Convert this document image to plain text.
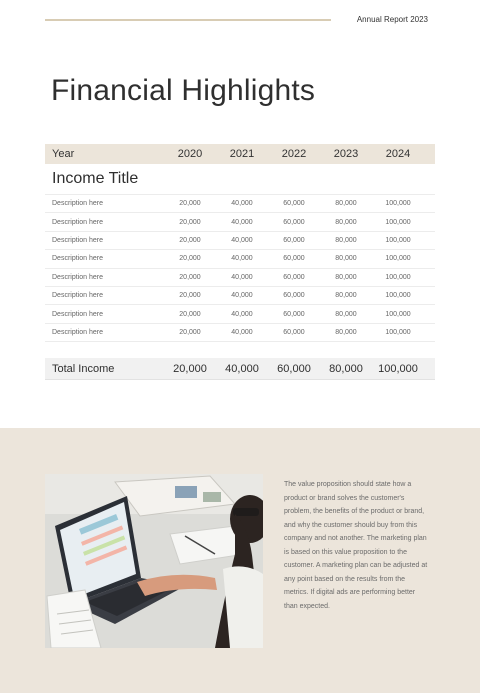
Annual Report 2023
Financial Highlights
Year	2020	2021	2022	2023	2024
Income Title
Description here	20,000	40,000	60,000	80,000	100,000
Description here	20,000	40,000	60,000	80,000	100,000
Description here	20,000	40,000	60,000	80,000	100,000
Description here	20,000	40,000	60,000	80,000	100,000
Description here	20,000	40,000	60,000	80,000	100,000
Description here	20,000	40,000	60,000	80,000	100,000
Description here	20,000	40,000	60,000	80,000	100,000
Description here	20,000	40,000	60,000	80,000	100,000
Total Income	20,000	40,000	60,000	80,000	100,000
The value proposition should state how a product or brand solves the customer's problem, the benefits of the product or brand, and why the customer should buy from this company and not another. The marketing plan is based on this value proposition to the customer. A marketing plan can be adjusted at any point based on the results from the metrics. If digital ads are performing better than expected.
